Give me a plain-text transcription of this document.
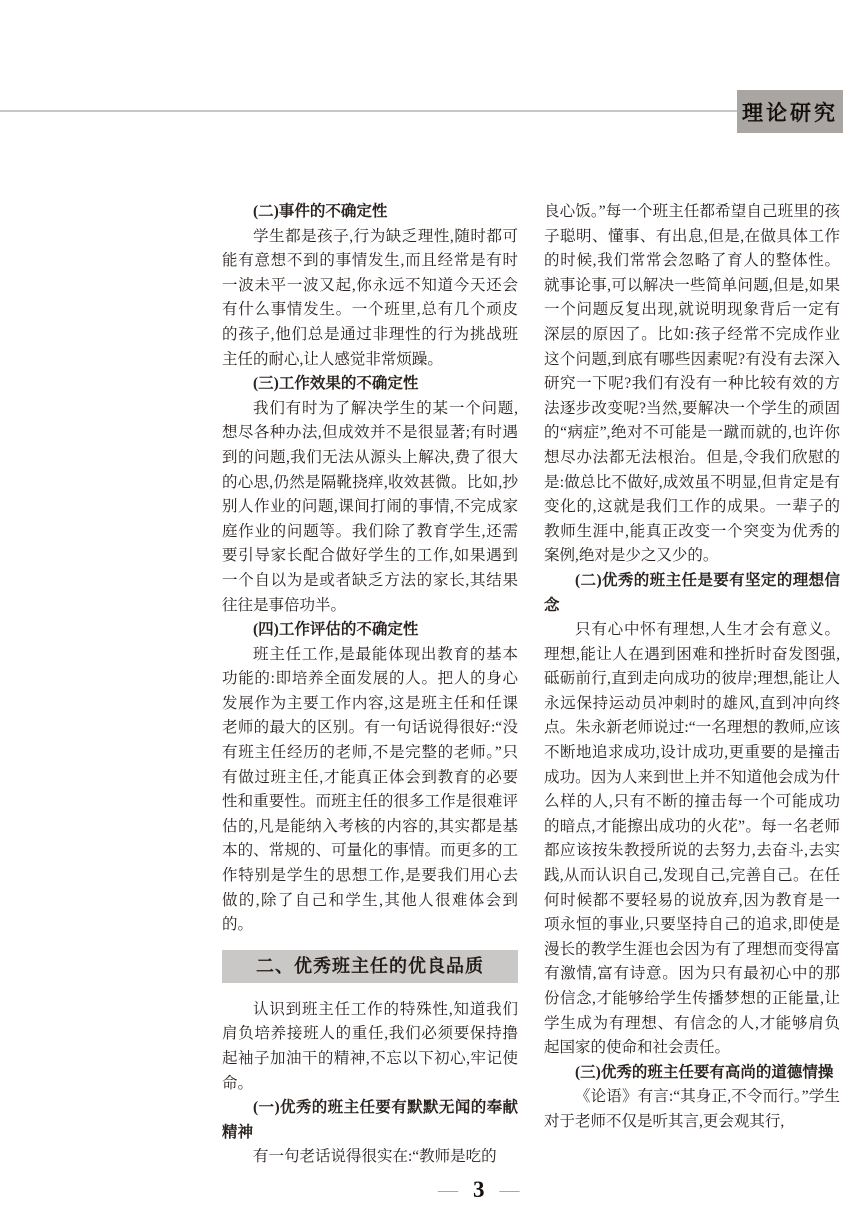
理论研究
(二)事件的不确定性

学生都是孩子,行为缺乏理性,随时都可能有意想不到的事情发生,而且经常是有时一波未平一波又起,你永远不知道今天还会有什么事情发生。一个班里,总有几个顽皮的孩子,他们总是通过非理性的行为挑战班主任的耐心,让人感觉非常烦躁。

(三)工作效果的不确定性

我们有时为了解决学生的某一个问题,想尽各种办法,但成效并不是很显著;有时遇到的问题,我们无法从源头上解决,费了很大的心思,仍然是隔靴挠痒,收效甚微。比如,抄别人作业的问题,课间打闹的事情,不完成家庭作业的问题等。我们除了教育学生,还需要引导家长配合做好学生的工作,如果遇到一个自以为是或者缺乏方法的家长,其结果往往是事倍功半。

(四)工作评估的不确定性

班主任工作,是最能体现出教育的基本功能的:即培养全面发展的人。把人的身心发展作为主要工作内容,这是班主任和任课老师的最大的区别。有一句话说得很好:“没有班主任经历的老师,不是完整的老师。”只有做过班主任,才能真正体会到教育的必要性和重要性。而班主任的很多工作是很难评估的,凡是能纳入考核的内容的,其实都是基本的、常规的、可量化的事情。而更多的工作特别是学生的思想工作,是要我们用心去做的,除了自己和学生,其他人很难体会到的。

二、优秀班主任的优良品质

认识到班主任工作的特殊性,知道我们肩负培养接班人的重任,我们必须要保持撸起袖子加油干的精神,不忘以下初心,牢记使命。

(一)优秀的班主任要有默默无闻的奉献精神

有一句老话说得很实在:“教师是吃的

良心饭。”每一个班主任都希望自己班里的孩子聪明、懂事、有出息,但是,在做具体工作的时候,我们常常会忽略了育人的整体性。就事论事,可以解决一些简单问题,但是,如果一个问题反复出现,就说明现象背后一定有深层的原因了。比如:孩子经常不完成作业这个问题,到底有哪些因素呢?有没有去深入研究一下呢?我们有没有一种比较有效的方法逐步改变呢?当然,要解决一个学生的顽固的“病症”,绝对不可能是一蹴而就的,也许你想尽办法都无法根治。但是,令我们欣慰的是:做总比不做好,成效虽不明显,但肯定是有变化的,这就是我们工作的成果。一辈子的教师生涯中,能真正改变一个突变为优秀的案例,绝对是少之又少的。

(二)优秀的班主任是要有坚定的理想信念

只有心中怀有理想,人生才会有意义。理想,能让人在遇到困难和挫折时奋发图强,砥砺前行,直到走向成功的彼岸;理想,能让人永远保持运动员冲刺时的雄风,直到冲向终点。朱永新老师说过:“一名理想的教师,应该不断地追求成功,设计成功,更重要的是撞击成功。因为人来到世上并不知道他会成为什么样的人,只有不断的撞击每一个可能成功的暗点,才能擦出成功的火花”。每一名老师都应该按朱教授所说的去努力,去奋斗,去实践,从而认识自己,发现自己,完善自己。在任何时候都不要轻易的说放弃,因为教育是一项永恒的事业,只要坚持自己的追求,即使是漫长的教学生涯也会因为有了理想而变得富有激情,富有诗意。因为只有最初心中的那份信念,才能够给学生传播梦想的正能量,让学生成为有理想、有信念的人,才能够肩负起国家的使命和社会责任。

(三)优秀的班主任要有高尚的道德情操

《论语》有言:“其身正,不令而行。”学生对于老师不仅是听其言,更会观其行,

— 3 —
